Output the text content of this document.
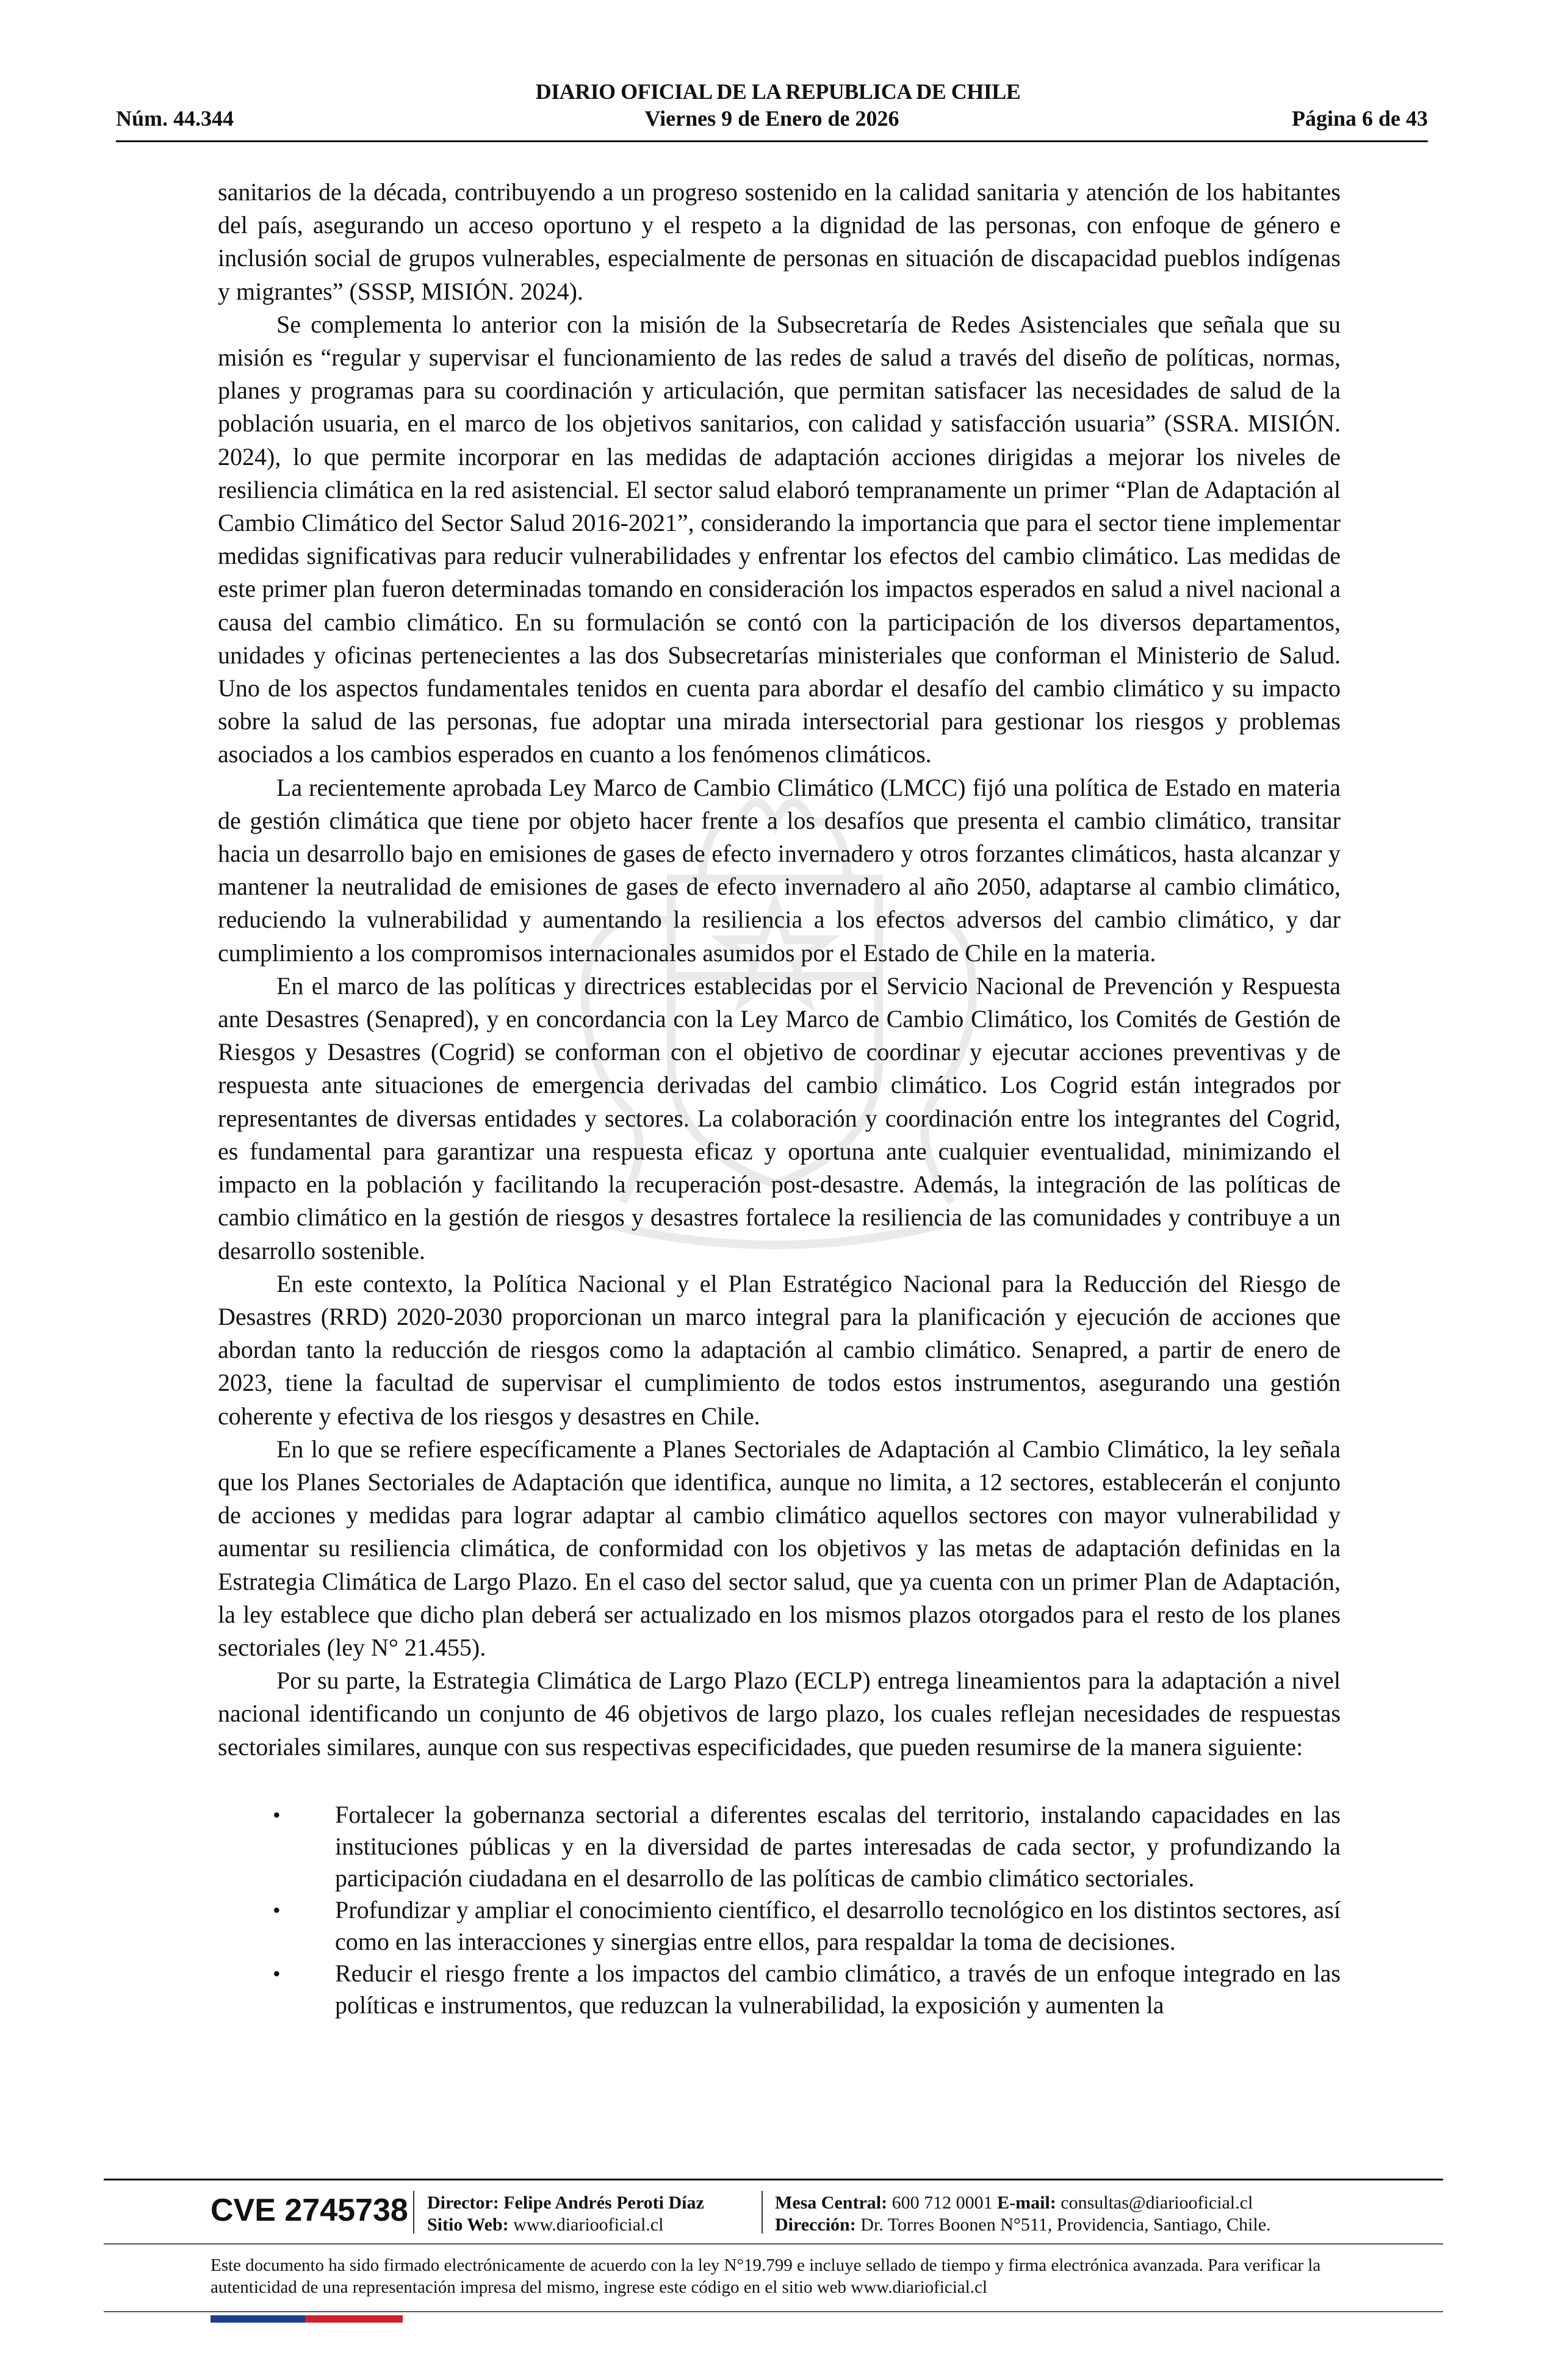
DIARIO OFICIAL DE LA REPUBLICA DE CHILE
Viernes 9 de Enero de 2026
Núm. 44.344	Página 6 de 43

sanitarios de la década, contribuyendo a un progreso sostenido en la calidad sanitaria y atención de los habitantes del país, asegurando un acceso oportuno y el respeto a la dignidad de las personas, con enfoque de género e inclusión social de grupos vulnerables, especialmente de personas en situación de discapacidad pueblos indígenas y migrantes” (SSSP, MISIÓN. 2024).

Se complementa lo anterior con la misión de la Subsecretaría de Redes Asistenciales que señala que su misión es “regular y supervisar el funcionamiento de las redes de salud a través del diseño de políticas, normas, planes y programas para su coordinación y articulación, que permitan satisfacer las necesidades de salud de la población usuaria, en el marco de los objetivos sanitarios, con calidad y satisfacción usuaria” (SSRA. MISIÓN. 2024), lo que permite incorporar en las medidas de adaptación acciones dirigidas a mejorar los niveles de resiliencia climática en la red asistencial. El sector salud elaboró tempranamente un primer “Plan de Adaptación al Cambio Climático del Sector Salud 2016-2021”, considerando la importancia que para el sector tiene implementar medidas significativas para reducir vulnerabilidades y enfrentar los efectos del cambio climático. Las medidas de este primer plan fueron determinadas tomando en consideración los impactos esperados en salud a nivel nacional a causa del cambio climático. En su formulación se contó con la participación de los diversos departamentos, unidades y oficinas pertenecientes a las dos Subsecretarías ministeriales que conforman el Ministerio de Salud. Uno de los aspectos fundamentales tenidos en cuenta para abordar el desafío del cambio climático y su impacto sobre la salud de las personas, fue adoptar una mirada intersectorial para gestionar los riesgos y problemas asociados a los cambios esperados en cuanto a los fenómenos climáticos.

La recientemente aprobada Ley Marco de Cambio Climático (LMCC) fijó una política de Estado en materia de gestión climática que tiene por objeto hacer frente a los desafíos que presenta el cambio climático, transitar hacia un desarrollo bajo en emisiones de gases de efecto invernadero y otros forzantes climáticos, hasta alcanzar y mantener la neutralidad de emisiones de gases de efecto invernadero al año 2050, adaptarse al cambio climático, reduciendo la vulnerabilidad y aumentando la resiliencia a los efectos adversos del cambio climático, y dar cumplimiento a los compromisos internacionales asumidos por el Estado de Chile en la materia.

En el marco de las políticas y directrices establecidas por el Servicio Nacional de Prevención y Respuesta ante Desastres (Senapred), y en concordancia con la Ley Marco de Cambio Climático, los Comités de Gestión de Riesgos y Desastres (Cogrid) se conforman con el objetivo de coordinar y ejecutar acciones preventivas y de respuesta ante situaciones de emergencia derivadas del cambio climático. Los Cogrid están integrados por representantes de diversas entidades y sectores. La colaboración y coordinación entre los integrantes del Cogrid, es fundamental para garantizar una respuesta eficaz y oportuna ante cualquier eventualidad, minimizando el impacto en la población y facilitando la recuperación post-desastre. Además, la integración de las políticas de cambio climático en la gestión de riesgos y desastres fortalece la resiliencia de las comunidades y contribuye a un desarrollo sostenible.

En este contexto, la Política Nacional y el Plan Estratégico Nacional para la Reducción del Riesgo de Desastres (RRD) 2020-2030 proporcionan un marco integral para la planificación y ejecución de acciones que abordan tanto la reducción de riesgos como la adaptación al cambio climático. Senapred, a partir de enero de 2023, tiene la facultad de supervisar el cumplimiento de todos estos instrumentos, asegurando una gestión coherente y efectiva de los riesgos y desastres en Chile.

En lo que se refiere específicamente a Planes Sectoriales de Adaptación al Cambio Climático, la ley señala que los Planes Sectoriales de Adaptación que identifica, aunque no limita, a 12 sectores, establecerán el conjunto de acciones y medidas para lograr adaptar al cambio climático aquellos sectores con mayor vulnerabilidad y aumentar su resiliencia climática, de conformidad con los objetivos y las metas de adaptación definidas en la Estrategia Climática de Largo Plazo. En el caso del sector salud, que ya cuenta con un primer Plan de Adaptación, la ley establece que dicho plan deberá ser actualizado en los mismos plazos otorgados para el resto de los planes sectoriales (ley N° 21.455).

Por su parte, la Estrategia Climática de Largo Plazo (ECLP) entrega lineamientos para la adaptación a nivel nacional identificando un conjunto de 46 objetivos de largo plazo, los cuales reflejan necesidades de respuestas sectoriales similares, aunque con sus respectivas especificidades, que pueden resumirse de la manera siguiente:

• Fortalecer la gobernanza sectorial a diferentes escalas del territorio, instalando capacidades en las instituciones públicas y en la diversidad de partes interesadas de cada sector, y profundizando la participación ciudadana en el desarrollo de las políticas de cambio climático sectoriales.
• Profundizar y ampliar el conocimiento científico, el desarrollo tecnológico en los distintos sectores, así como en las interacciones y sinergias entre ellos, para respaldar la toma de decisiones.
• Reducir el riesgo frente a los impactos del cambio climático, a través de un enfoque integrado en las políticas e instrumentos, que reduzcan la vulnerabilidad, la exposición y aumenten la
CVE 2745738 Director: Felipe Andrés Peroti Díaz
Sitio Web: www.diariooficial.cl
Mesa Central: 600 712 0001 E-mail: consultas@diariooficial.cl
Dirección: Dr. Torres Boonen N°511, Providencia, Santiago, Chile.
Este documento ha sido firmado electrónicamente de acuerdo con la ley N°19.799 e incluye sellado de tiempo y firma electrónica avanzada. Para verificar la autenticidad de una representación impresa del mismo, ingrese este código en el sitio web www.diarioficial.cl
